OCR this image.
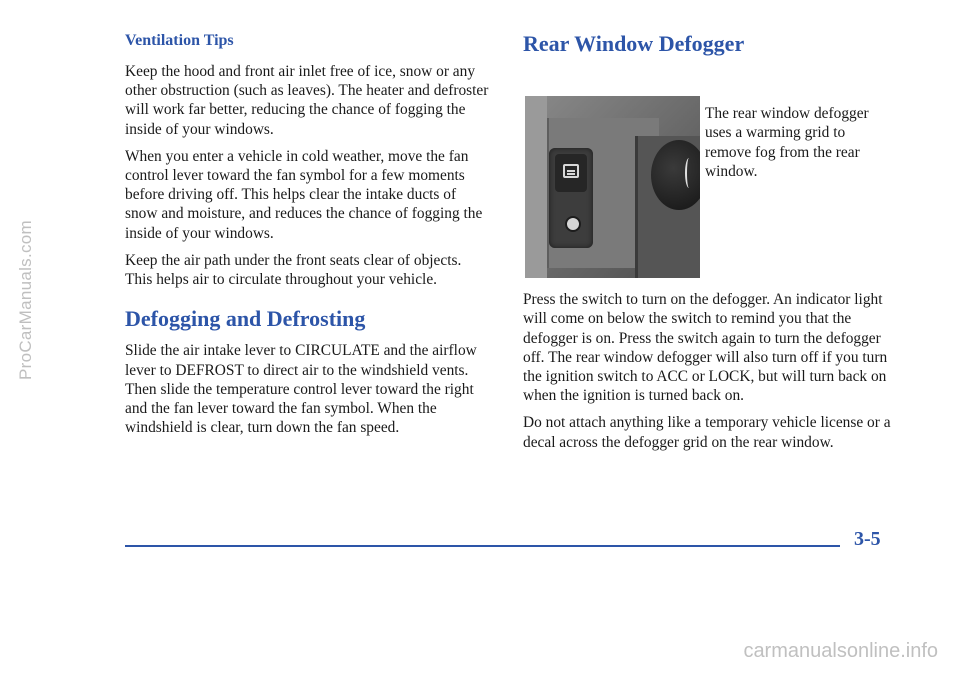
ProCarManuals.com
Ventilation Tips

Keep the hood and front air inlet free of ice, snow or any other obstruction (such as leaves). The heater and defroster will work far better, reducing the chance of fogging the inside of your windows.

When you enter a vehicle in cold weather, move the fan control lever toward the fan symbol for a few moments before driving off. This helps clear the intake ducts of snow and moisture, and reduces the chance of fogging the inside of your windows.

Keep the air path under the front seats clear of objects. This helps air to circulate throughout your vehicle.

Defogging and Defrosting

Slide the air intake lever to CIRCULATE and the airflow lever to DEFROST to direct air to the windshield vents. Then slide the temperature control lever toward the right and the fan lever toward the fan symbol. When the windshield is clear, turn down the fan speed.

Rear Window Defogger

The rear window defogger uses a warming grid to remove fog from the rear window.

Press the switch to turn on the defogger. An indicator light will come on below the switch to remind you that the defogger is on. Press the switch again to turn the defogger off. The rear window defogger will also turn off if you turn the ignition switch to ACC or LOCK, but will turn back on when the ignition is turned back on.

Do not attach anything like a temporary vehicle license or a decal across the defogger grid on the rear window.

3-5
carmanualsonline.info
